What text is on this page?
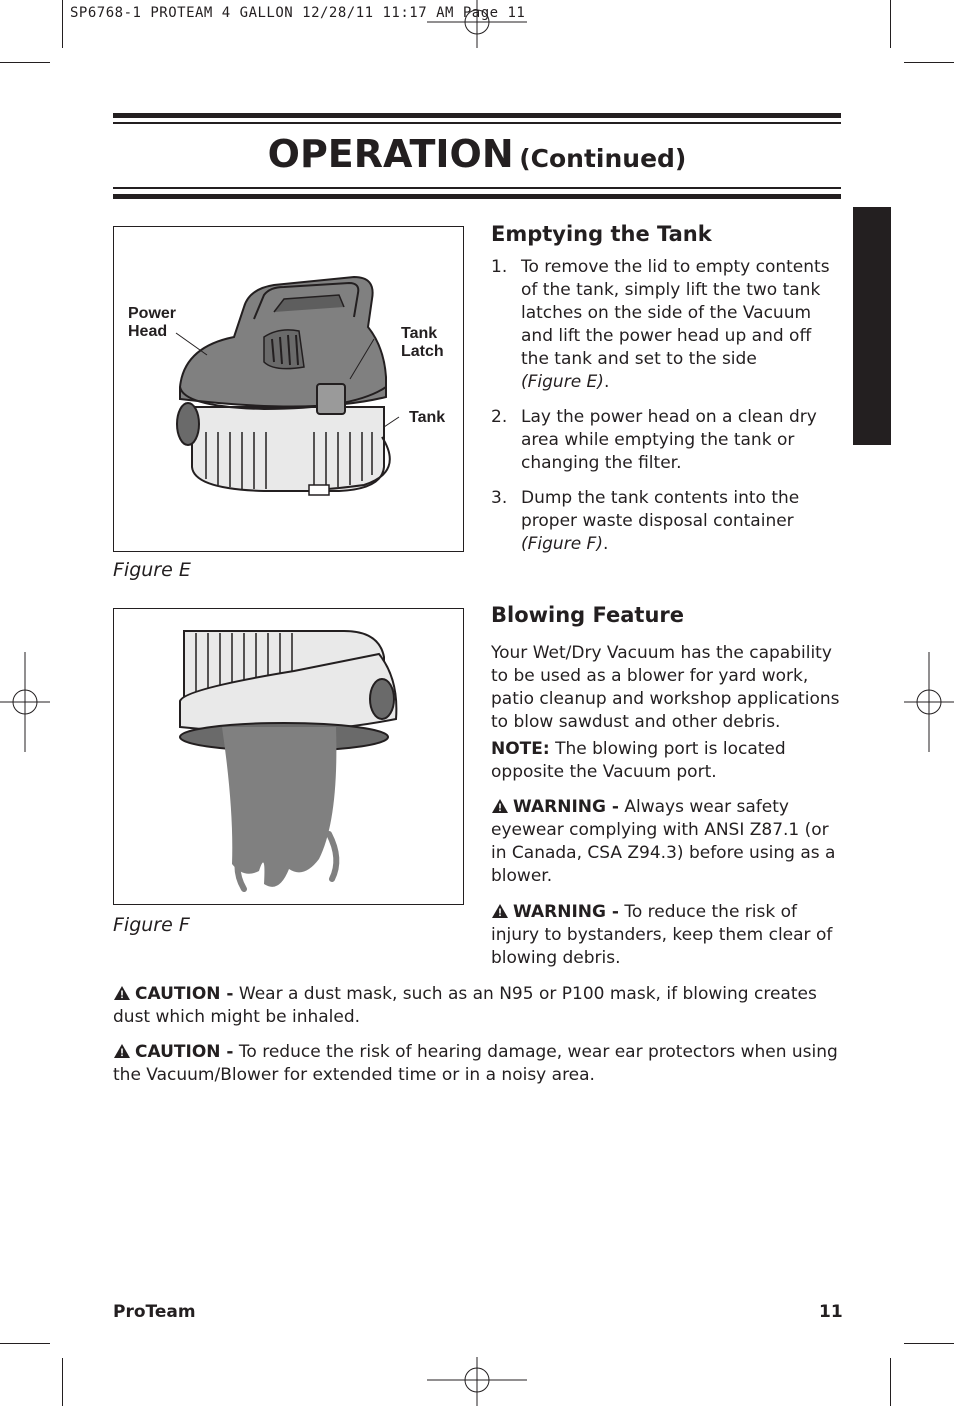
SP6768-1 PROTEAM 4 GALLON 12/28/11 11:17 AM Page 11
OPERATION (Continued)
Power
Head	Tank
Latch
Tank
Figure E
Figure F
Emptying the Tank
1. To remove the lid to empty contents of the tank, simply lift the two tank latches on the side of the Vacuum and lift the power head up and off the tank and set to the side
(Figure E).
2. Lay the power head on a clean dry area while emptying the tank or changing the filter.
3. Dump the tank contents into the proper waste disposal container
(Figure F).
Blowing Feature
Your Wet/Dry Vacuum has the capability to be used as a blower for yard work, patio cleanup and workshop applications to blow sawdust and other debris.
NOTE: The blowing port is located opposite the Vacuum port.
WARNING - Always wear safety eyewear complying with ANSI Z87.1 (or in Canada, CSA Z94.3) before using as a blower.
WARNING - To reduce the risk of injury to bystanders, keep them clear of blowing debris.
CAUTION - Wear a dust mask, such as an N95 or P100 mask, if blowing creates dust which might be inhaled.
CAUTION - To reduce the risk of hearing damage, wear ear protectors when using the Vacuum/Blower for extended time or in a noisy area.
ProTeam	11
